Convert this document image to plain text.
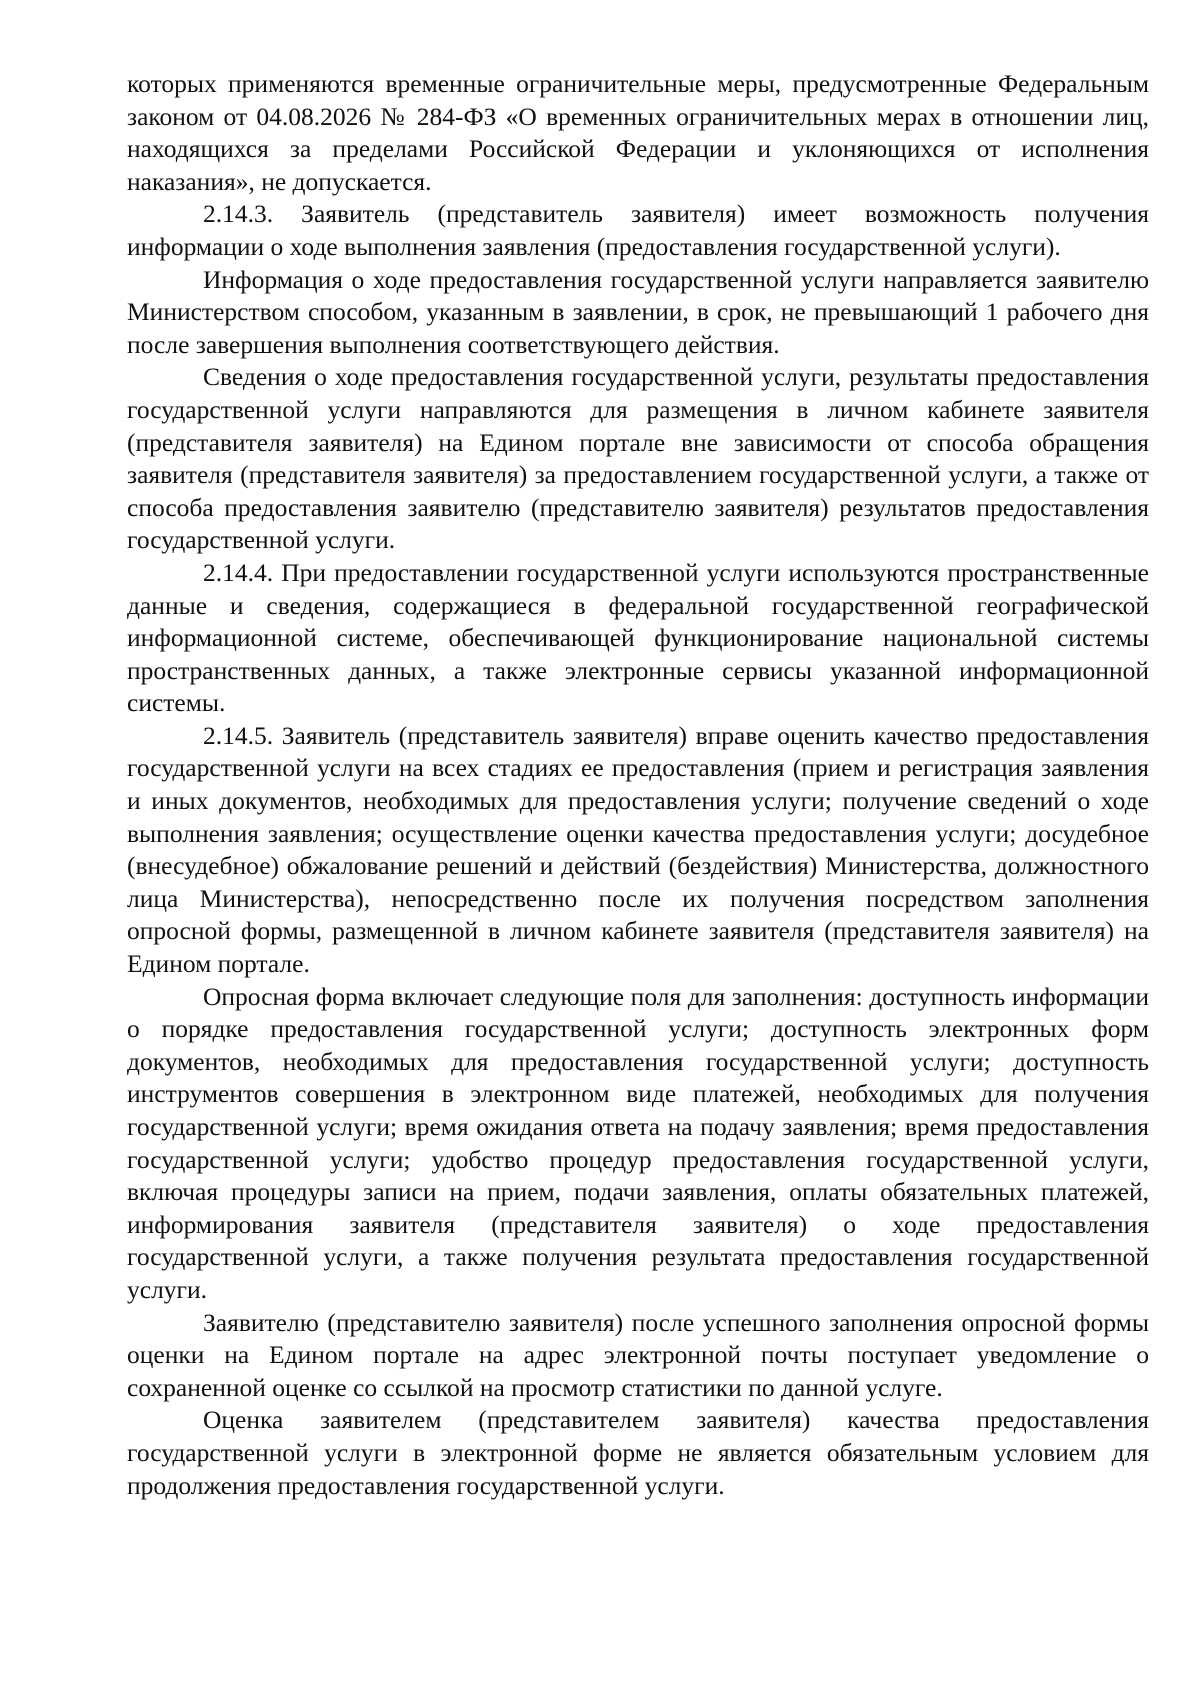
которых применяются временные ограничительные меры, предусмотренные Федеральным законом от 04.08.2026 № 284-ФЗ «О временных ограничительных мерах в отношении лиц, находящихся за пределами Российской Федерации и уклоняющихся от исполнения наказания», не допускается.

2.14.3. Заявитель (представитель заявителя) имеет возможность получения информации о ходе выполнения заявления (предоставления государственной услуги).

Информация о ходе предоставления государственной услуги направляется заявителю Министерством способом, указанным в заявлении, в срок, не превышающий 1 рабочего дня после завершения выполнения соответствующего действия.

Сведения о ходе предоставления государственной услуги, результаты предоставления государственной услуги направляются для размещения в личном кабинете заявителя (представителя заявителя) на Едином портале вне зависимости от способа обращения заявителя (представителя заявителя) за предоставлением государственной услуги, а также от способа предоставления заявителю (представителю заявителя) результатов предоставления государственной услуги.

2.14.4. При предоставлении государственной услуги используются пространственные данные и сведения, содержащиеся в федеральной государственной географической информационной системе, обеспечивающей функционирование национальной системы пространственных данных, а также электронные сервисы указанной информационной системы.

2.14.5. Заявитель (представитель заявителя) вправе оценить качество предоставления государственной услуги на всех стадиях ее предоставления (прием и регистрация заявления и иных документов, необходимых для предоставления услуги; получение сведений о ходе выполнения заявления; осуществление оценки качества предоставления услуги; досудебное (внесудебное) обжалование решений и действий (бездействия) Министерства, должностного лица Министерства), непосредственно после их получения посредством заполнения опросной формы, размещенной в личном кабинете заявителя (представителя заявителя) на Едином портале.

Опросная форма включает следующие поля для заполнения: доступность информации о порядке предоставления государственной услуги; доступность электронных форм документов, необходимых для предоставления государственной услуги; доступность инструментов совершения в электронном виде платежей, необходимых для получения государственной услуги; время ожидания ответа на подачу заявления; время предоставления государственной услуги; удобство процедур предоставления государственной услуги, включая процедуры записи на прием, подачи заявления, оплаты обязательных платежей, информирования заявителя (представителя заявителя) о ходе предоставления государственной услуги, а также получения результата предоставления государственной услуги.

Заявителю (представителю заявителя) после успешного заполнения опросной формы оценки на Едином портале на адрес электронной почты поступает уведомление о сохраненной оценке со ссылкой на просмотр статистики по данной услуге.

Оценка заявителем (представителем заявителя) качества предоставления государственной услуги в электронной форме не является обязательным условием для продолжения предоставления государственной услуги.
